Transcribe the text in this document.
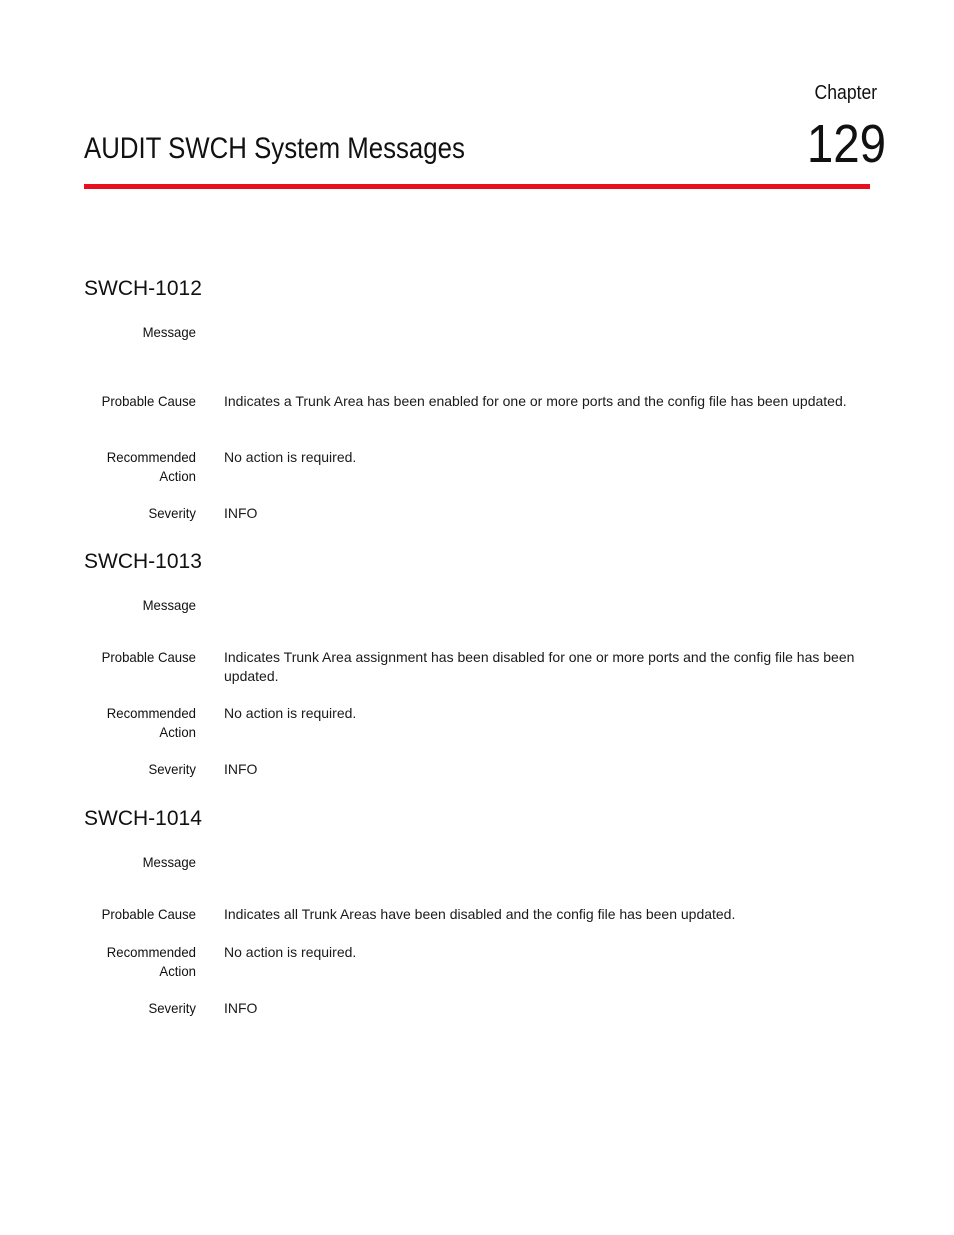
Chapter
129
AUDIT SWCH System Messages
SWCH-1012
Message
Probable Cause Indicates a Trunk Area has been enabled for one or more ports and the config file has been updated.
Recommended
Action
No action is required.
Severity INFO
SWCH-1013
Message
Probable Cause Indicates Trunk Area assignment has been disabled for one or more ports and the config file has been updated.
Recommended
Action
No action is required.
Severity INFO
SWCH-1014
Message
Probable Cause Indicates all Trunk Areas have been disabled and the config file has been updated.
Recommended
Action
No action is required.
Severity INFO
